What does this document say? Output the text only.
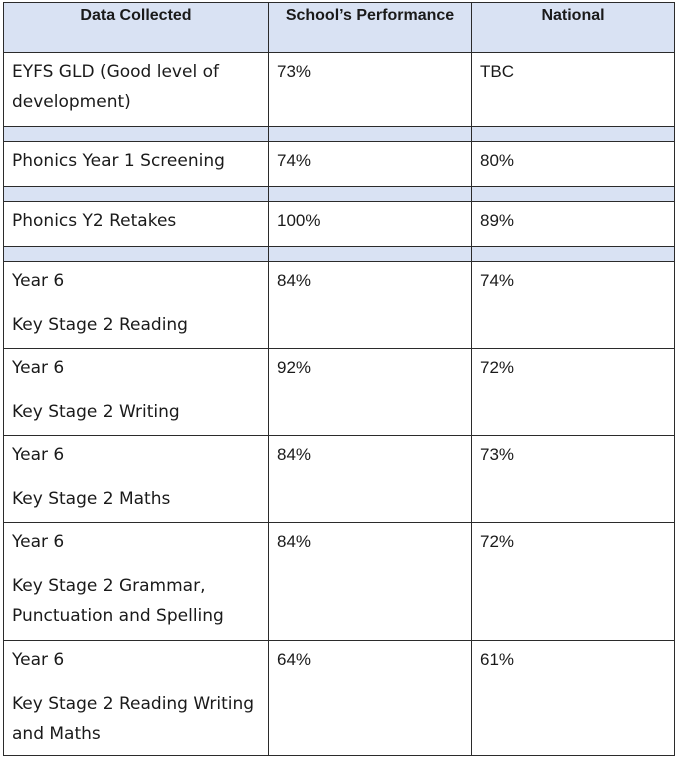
Data Collected	School’s Performance	National

EYFS GLD (Good level of development)	73%	TBC

Phonics Year 1 Screening	74%	80%

Phonics Y2 Retakes	100%	89%

Year 6
Key Stage 2 Reading	84%	74%

Year 6
Key Stage 2 Writing	92%	72%

Year 6
Key Stage 2 Maths	84%	73%

Year 6
Key Stage 2 Grammar, Punctuation and Spelling	84%	72%

Year 6
Key Stage 2 Reading Writing and Maths	64%	61%
